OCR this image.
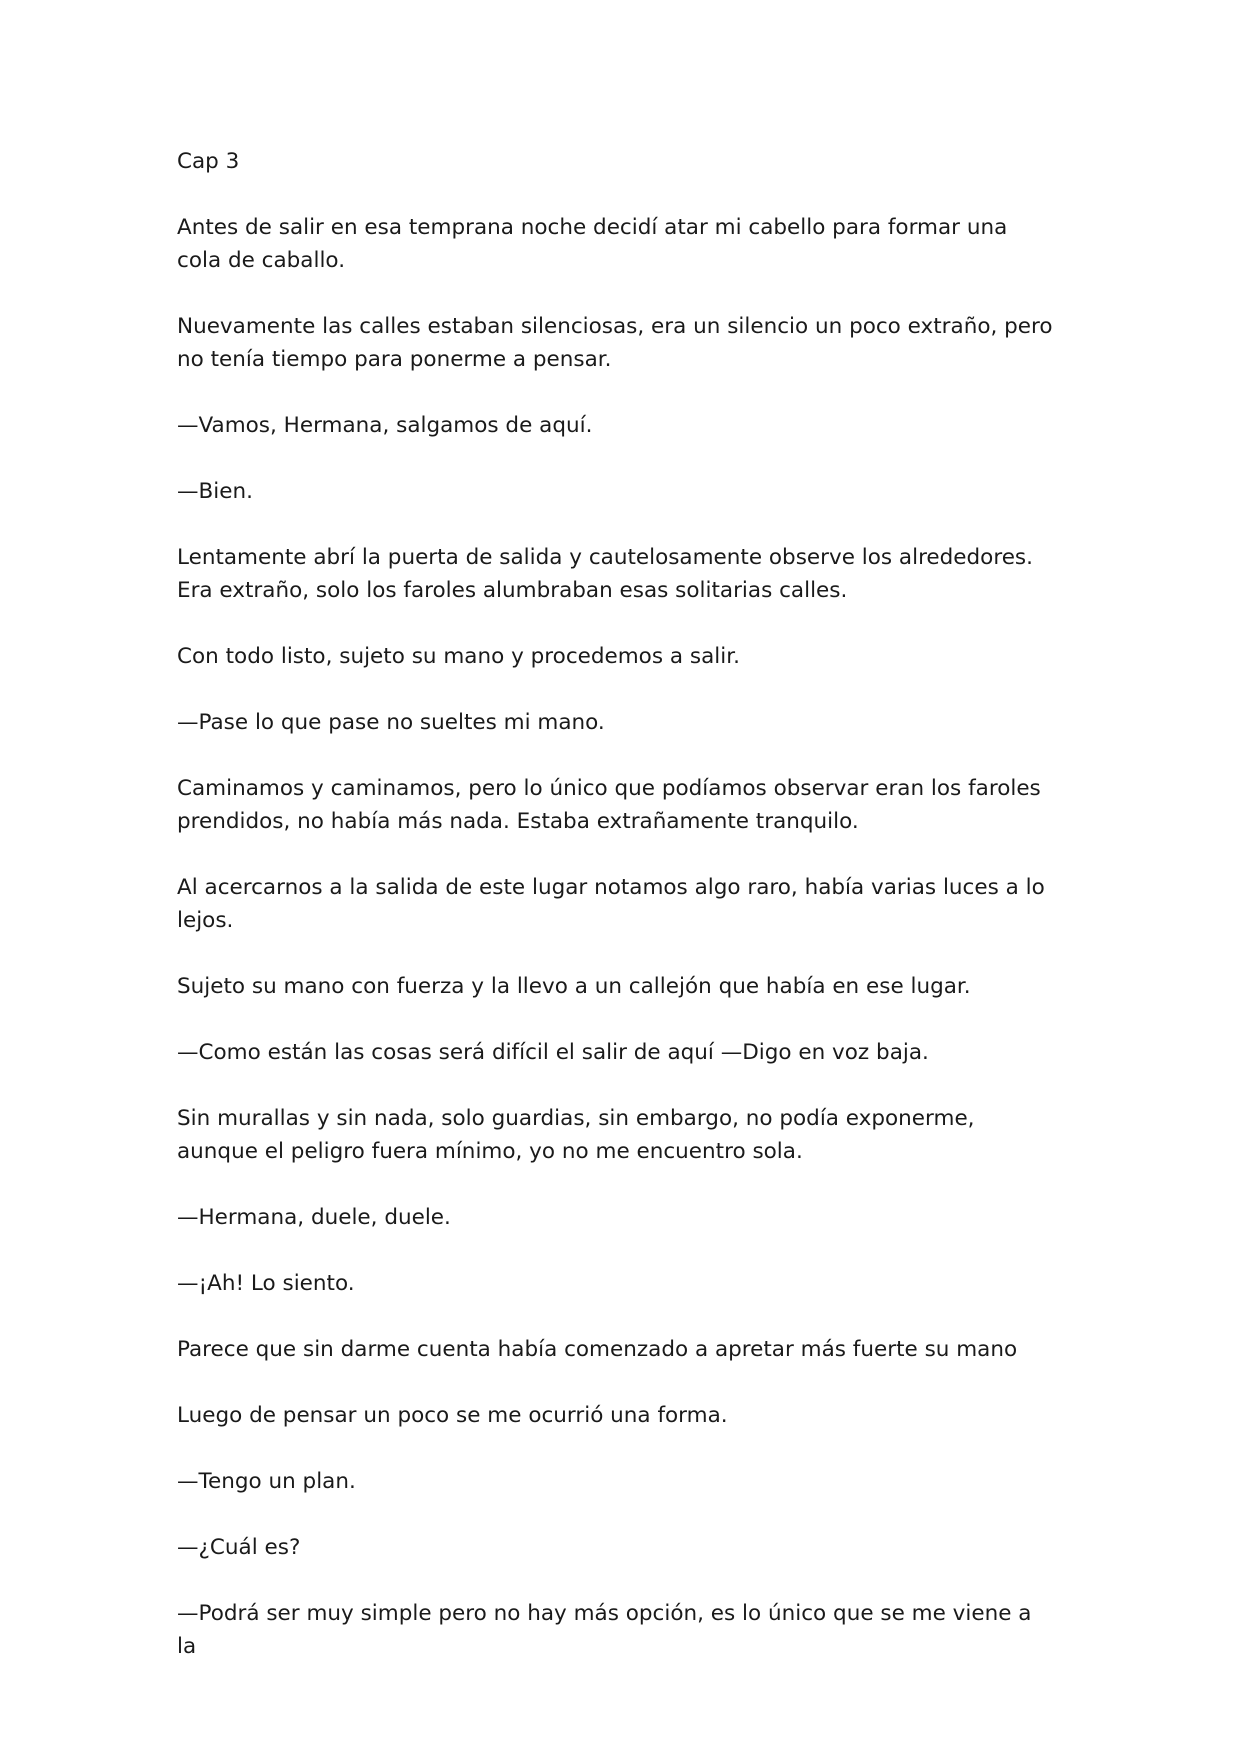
Cap 3

Antes de salir en esa temprana noche decidí atar mi cabello para formar una cola de caballo.

Nuevamente las calles estaban silenciosas, era un silencio un poco extraño, pero no tenía tiempo para ponerme a pensar.

—Vamos, Hermana, salgamos de aquí.

—Bien.

Lentamente abrí la puerta de salida y cautelosamente observe los alrededores. Era extraño, solo los faroles alumbraban esas solitarias calles.

Con todo listo, sujeto su mano y procedemos a salir.

—Pase lo que pase no sueltes mi mano.

Caminamos y caminamos, pero lo único que podíamos observar eran los faroles prendidos, no había más nada. Estaba extrañamente tranquilo.

Al acercarnos a la salida de este lugar notamos algo raro, había varias luces a lo lejos.

Sujeto su mano con fuerza y la llevo a un callejón que había en ese lugar.

—Como están las cosas será difícil el salir de aquí —Digo en voz baja.

Sin murallas y sin nada, solo guardias, sin embargo, no podía exponerme, aunque el peligro fuera mínimo, yo no me encuentro sola.

—Hermana, duele, duele.

—¡Ah! Lo siento.

Parece que sin darme cuenta había comenzado a apretar más fuerte su mano

Luego de pensar un poco se me ocurrió una forma.

—Tengo un plan.

—¿Cuál es?

—Podrá ser muy simple pero no hay más opción, es lo único que se me viene a la
